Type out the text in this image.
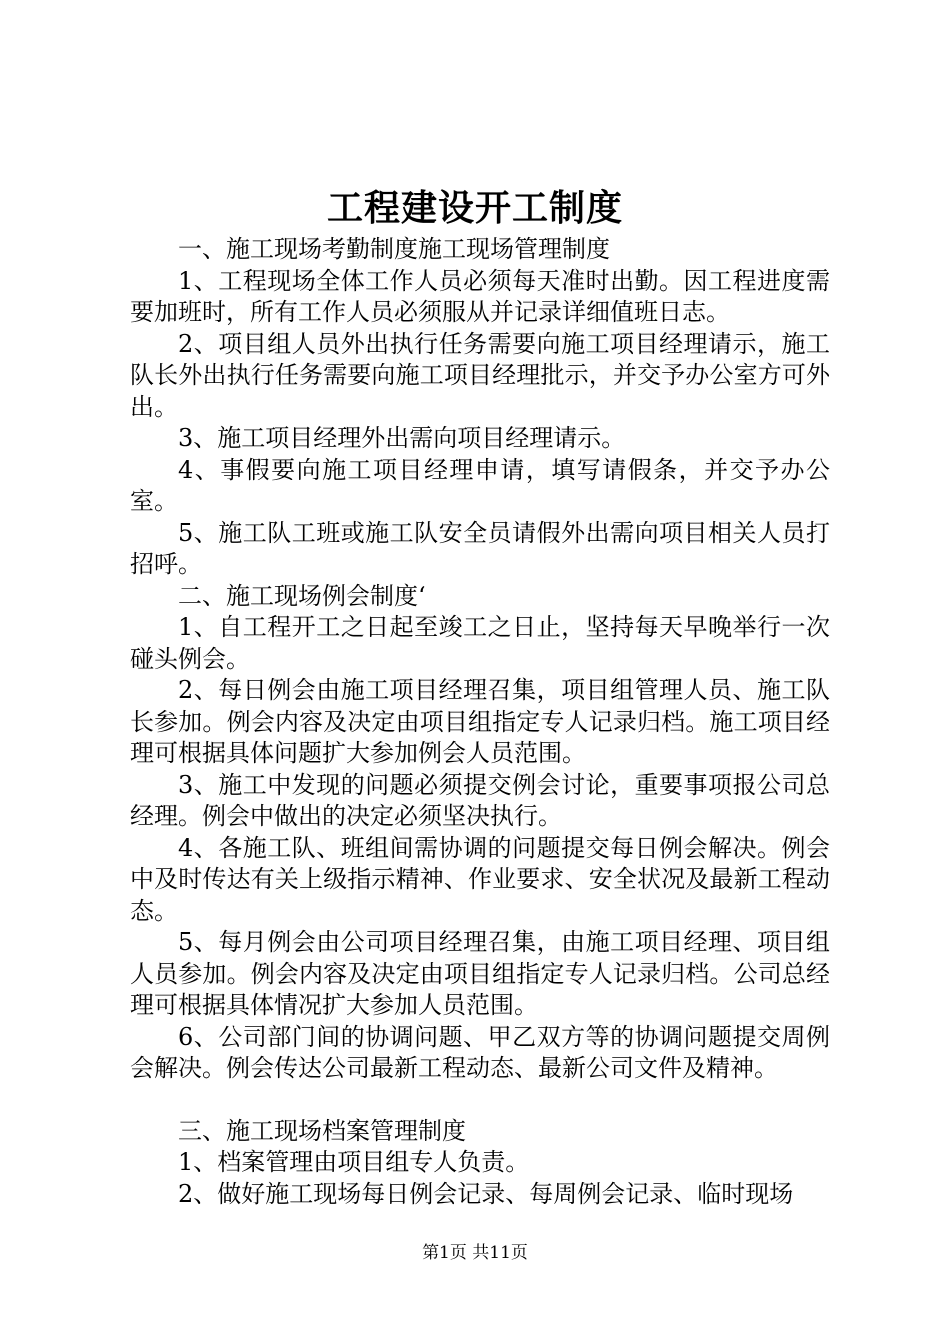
工程建设开工制度

一、施工现场考勤制度施工现场管理制度

1、工程现场全体工作人员必须每天准时出勤。因工程进度需要加班时，所有工作人员必须服从并记录详细值班日志。

2、项目组人员外出执行任务需要向施工项目经理请示，施工队长外出执行任务需要向施工项目经理批示，并交予办公室方可外出。

3、施工项目经理外出需向项目经理请示。

4、事假要向施工项目经理申请，填写请假条，并交予办公室。

5、施工队工班或施工队安全员请假外出需向项目相关人员打招呼。

二、施工现场例会制度‘

1、自工程开工之日起至竣工之日止，坚持每天早晚举行一次碰头例会。

2、每日例会由施工项目经理召集，项目组管理人员、施工队长参加。例会内容及决定由项目组指定专人记录归档。施工项目经理可根据具体问题扩大参加例会人员范围。

3、施工中发现的问题必须提交例会讨论，重要事项报公司总经理。例会中做出的决定必须坚决执行。

4、各施工队、班组间需协调的问题提交每日例会解决。例会中及时传达有关上级指示精神、作业要求、安全状况及最新工程动态。

5、每月例会由公司项目经理召集，由施工项目经理、项目组人员参加。例会内容及决定由项目组指定专人记录归档。公司总经理可根据具体情况扩大参加人员范围。

6、公司部门间的协调问题、甲乙双方等的协调问题提交周例会解决。例会传达公司最新工程动态、最新公司文件及精神。

三、施工现场档案管理制度

1、档案管理由项目组专人负责。

2、做好施工现场每日例会记录、每周例会记录、临时现场

第1页 共11页
